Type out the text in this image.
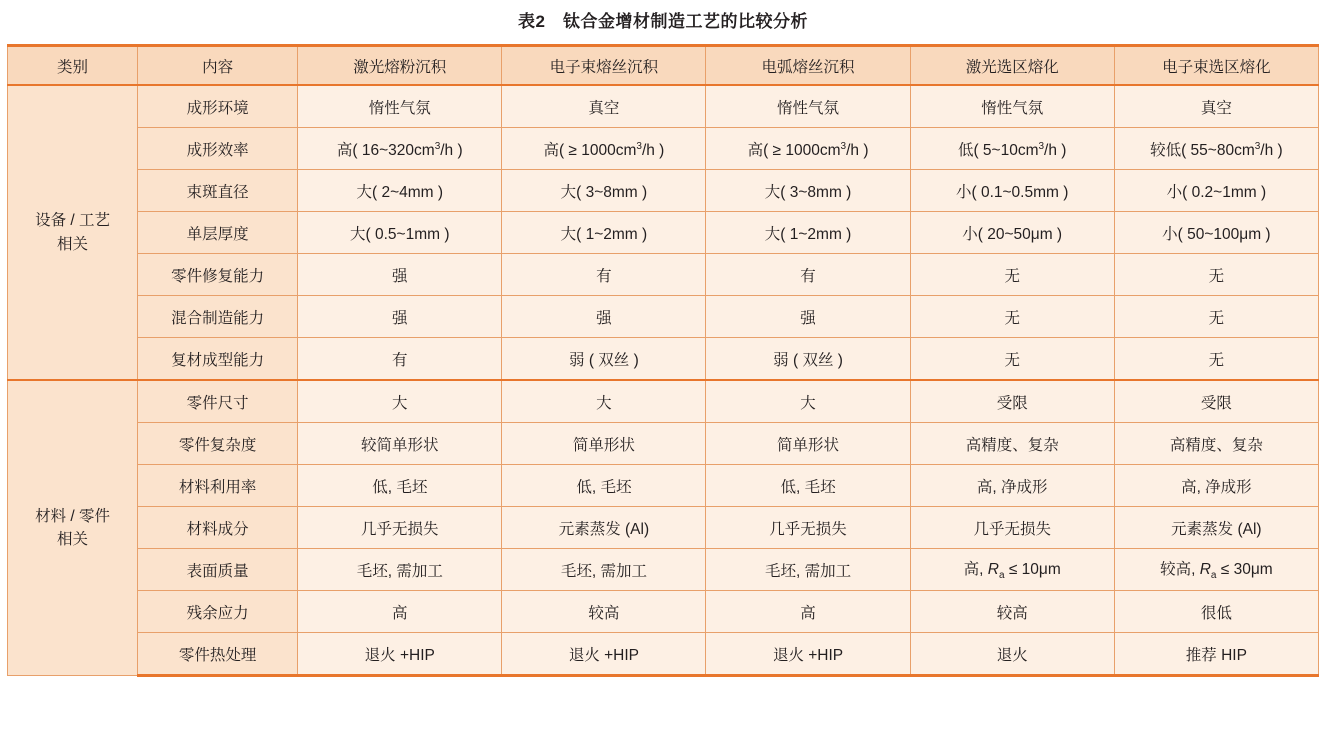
表2　钛合金增材制造工艺的比较分析
类别	内容	激光熔粉沉积	电子束熔丝沉积	电弧熔丝沉积	激光选区熔化	电子束选区熔化
设备 / 工艺
相关	成形环境	惰性气氛	真空	惰性气氛	惰性气氛	真空
	成形效率	高( $16\sim 320cm^3/h$ )	高( ≥ $1000cm^3/h$ )	高( ≥ $1000cm^3/h$ )	低( $5\sim 10cm^3/h$ )	较低( $55\sim 80cm^3/h$ )
	束斑直径	大( 2~4mm )	大( 3~8mm )	大( 3~8mm )	小( 0.1~0.5mm )	小( 0.2~1mm )
	单层厚度	大( 0.5~1mm )	大( 1~2mm )	大( 1~2mm )	小( 20~50μm )	小( 50~100μm )
	零件修复能力	强	有	有	无	无
	混合制造能力	强	强	强	无	无
	复材成型能力	有	弱 ( 双丝 )	弱 ( 双丝 )	无	无
材料 / 零件
相关	零件尺寸	大	大	大	受限	受限
	零件复杂度	较简单形状	简单形状	简单形状	高精度、复杂	高精度、复杂
	材料利用率	低, 毛坯	低, 毛坯	低, 毛坯	高, 净成形	高, 净成形
	材料成分	几乎无损失	元素蒸发 (Al)	几乎无损失	几乎无损失	元素蒸发 (Al)
	表面质量	毛坯, 需加工	毛坯, 需加工	毛坯, 需加工	高, $R_a \le 10\mu m$	较高, $R_a \le 30\mu m$
	残余应力	高	较高	高	较高	很低
	零件热处理	退火 +HIP	退火 +HIP	退火 +HIP	退火	推荐 HIP
